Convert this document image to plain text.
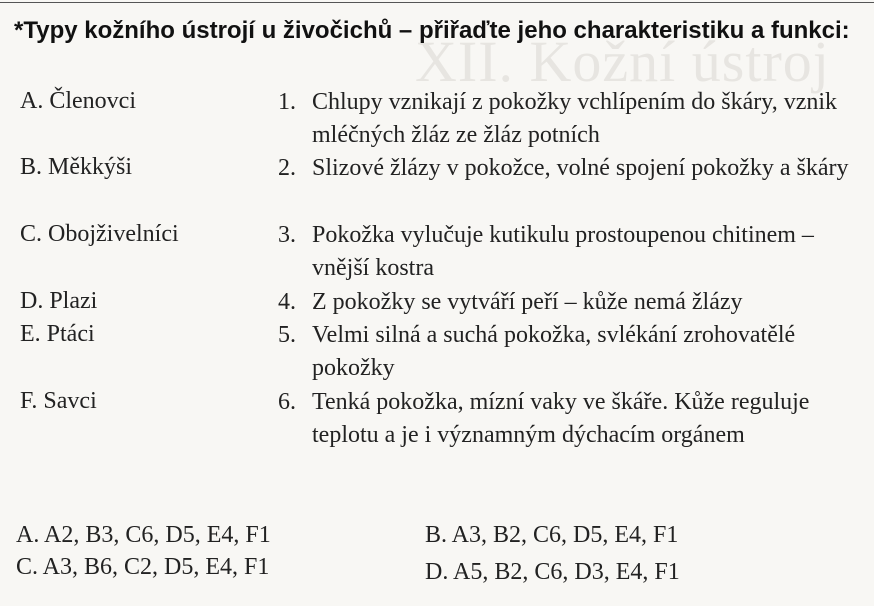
XII. Kožní ústroj
*Typy kožního ústrojí u živočichů – přiřaďte jeho charakteristiku a funkci:
A. Členovci
B. Měkkýši
C. Obojživelníci
D. Plazi
E. Ptáci
F. Savci
1. Chlupy vznikají z pokožky vchlípením do škáry, vznik mléčných žláz ze žláz potních
2. Slizové žlázy v pokožce, volné spojení pokožky a škáry
3. Pokožka vylučuje kutikulu prostoupenou chitinem – vnější kostra
4. Z pokožky se vytváří peří – kůže nemá žlázy
5. Velmi silná a suchá pokožka, svlékání zrohovatělé pokožky
6. Tenká pokožka, mízní vaky ve škáře. Kůže reguluje teplotu a je i významným dýchacím orgánem
A. A2, B3, C6, D5, E4, F1	B. A3, B2, C6, D5, E4, F1
C. A3, B6, C2, D5, E4, F1	D. A5, B2, C6, D3, E4, F1
